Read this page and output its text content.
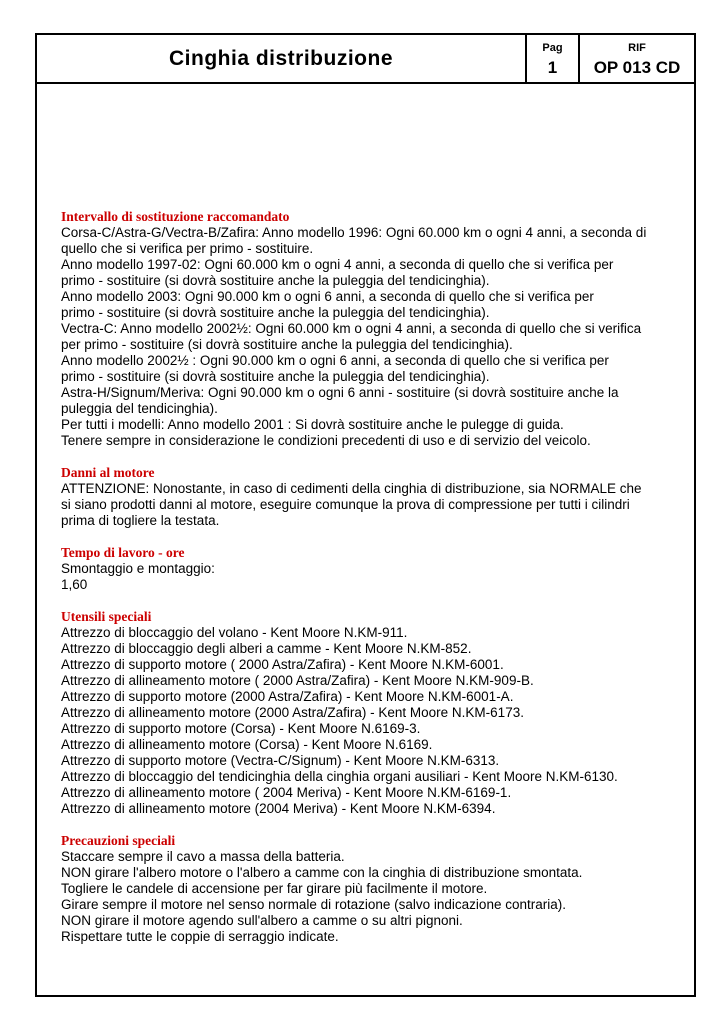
Cinghia distribuzione	Pag
1
RIF
OP 013 CD
Intervallo di sostituzione raccomandato
Corsa-C/Astra-G/Vectra-B/Zafira: Anno modello 1996: Ogni 60.000 km o ogni 4 anni, a seconda di
quello che si verifica per primo - sostituire.
Anno modello 1997-02: Ogni 60.000 km o ogni 4 anni, a seconda di quello che si verifica per
primo - sostituire (si dovrà sostituire anche la puleggia del tendicinghia).
Anno modello 2003: Ogni 90.000 km o ogni 6 anni, a seconda di quello che si verifica per
primo - sostituire (si dovrà sostituire anche la puleggia del tendicinghia).
Vectra-C: Anno modello 2002½: Ogni 60.000 km o ogni 4 anni, a seconda di quello che si verifica
per primo - sostituire (si dovrà sostituire anche la puleggia del tendicinghia).
Anno modello 2002½ : Ogni 90.000 km o ogni 6 anni, a seconda di quello che si verifica per
primo - sostituire (si dovrà sostituire anche la puleggia del tendicinghia).
Astra-H/Signum/Meriva: Ogni 90.000 km o ogni 6 anni - sostituire (si dovrà sostituire anche la
puleggia del tendicinghia).
Per tutti i modelli: Anno modello 2001 : Si dovrà sostituire anche le pulegge di guida.
Tenere sempre in considerazione le condizioni precedenti di uso e di servizio del veicolo.
Danni al motore
ATTENZIONE: Nonostante, in caso di cedimenti della cinghia di distribuzione, sia NORMALE che
si siano prodotti danni al motore, eseguire comunque la prova di compressione per tutti i cilindri
prima di togliere la testata.
Tempo di lavoro - ore
Smontaggio e montaggio:
1,60
Utensili speciali
Attrezzo di bloccaggio del volano - Kent Moore N.KM-911.
Attrezzo di bloccaggio degli alberi a camme - Kent Moore N.KM-852.
Attrezzo di supporto motore ( 2000 Astra/Zafira) - Kent Moore N.KM-6001.
Attrezzo di allineamento motore ( 2000 Astra/Zafira) - Kent Moore N.KM-909-B.
Attrezzo di supporto motore (2000 Astra/Zafira) - Kent Moore N.KM-6001-A.
Attrezzo di allineamento motore (2000 Astra/Zafira) - Kent Moore N.KM-6173.
Attrezzo di supporto motore (Corsa) - Kent Moore N.6169-3.
Attrezzo di allineamento motore (Corsa) - Kent Moore N.6169.
Attrezzo di supporto motore (Vectra-C/Signum) - Kent Moore N.KM-6313.
Attrezzo di bloccaggio del tendicinghia della cinghia organi ausiliari - Kent Moore N.KM-6130.
Attrezzo di allineamento motore ( 2004 Meriva) - Kent Moore N.KM-6169-1.
Attrezzo di allineamento motore (2004 Meriva) - Kent Moore N.KM-6394.
Precauzioni speciali
Staccare sempre il cavo a massa della batteria.
NON girare l'albero motore o l'albero a camme con la cinghia di distribuzione smontata.
Togliere le candele di accensione per far girare più facilmente il motore.
Girare sempre il motore nel senso normale di rotazione (salvo indicazione contraria).
NON girare il motore agendo sull'albero a camme o su altri pignoni.
Rispettare tutte le coppie di serraggio indicate.
